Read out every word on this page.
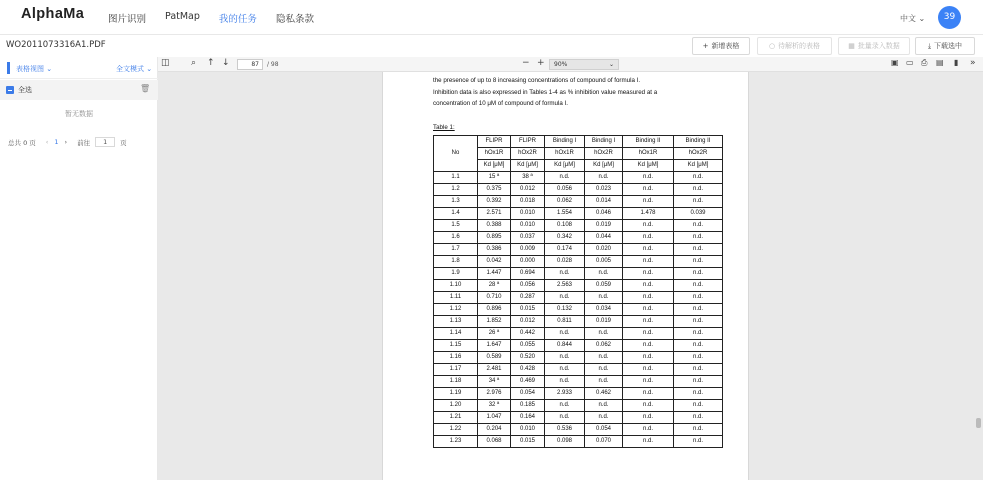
AlphaMa	图片识别 PatMap 我的任务 隐私条款	中文 ⌄	39
WO2011073316A1.PDF	+ 新增表格	○ 待解析的表格	▦ 批量录入数据	⤓ 下载选中
表格视图 ⌄	全文模式 ⌄
全选	🗑
暂无数据
总共 0 页 ‹ 1 › 前往	1	页
◫ ⌕ ↑ ↓	87	/ 98	− +	90%	⌄	▣ ▭ ⎙ ▤ ▮ »
the presence of up to 8 increasing concentrations of compound of formula I.
Inhibition data is also expressed in Tables 1-4 as % inhibition value measured at a
concentration of 10 μM of compound of formula I.
Table 1:
No	FLIPR	FLIPR	Binding I	Binding I	Binding II	Binding II
	hOx1R	hOx2R	hOx1R	hOx2R	hOx1R	hOx2R
	Kd [μM]	Kd [μM]	Kd [μM]	Kd [μM]	Kd [μM]	Kd [μM]
1.1	15 ª	38 ª	n.d.	n.d.	n.d.	n.d.
1.2	0.375	0.012	0.056	0.023	n.d.	n.d.
1.3	0.392	0.018	0.062	0.014	n.d.	n.d.
1.4	2.571	0.010	1.554	0.046	1.478	0.039
1.5	0.388	0.010	0.108	0.019	n.d.	n.d.
1.6	0.895	0.037	0.342	0.044	n.d.	n.d.
1.7	0.386	0.009	0.174	0.020	n.d.	n.d.
1.8	0.042	0.000	0.028	0.005	n.d.	n.d.
1.9	1.447	0.694	n.d.	n.d.	n.d.	n.d.
1.10	28 ª	0.056	2.563	0.059	n.d.	n.d.
1.11	0.710	0.287	n.d.	n.d.	n.d.	n.d.
1.12	0.896	0.015	0.132	0.034	n.d.	n.d.
1.13	1.852	0.012	0.811	0.019	n.d.	n.d.
1.14	26 ª	0.442	n.d.	n.d.	n.d.	n.d.
1.15	1.647	0.055	0.844	0.062	n.d.	n.d.
1.16	0.589	0.520	n.d.	n.d.	n.d.	n.d.
1.17	2.481	0.428	n.d.	n.d.	n.d.	n.d.
1.18	34 ª	0.469	n.d.	n.d.	n.d.	n.d.
1.19	2.976	0.054	2.933	0.462	n.d.	n.d.
1.20	32 ª	0.185	n.d.	n.d.	n.d.	n.d.
1.21	1.047	0.164	n.d.	n.d.	n.d.	n.d.
1.22	0.204	0.010	0.536	0.054	n.d.	n.d.
1.23	0.068	0.015	0.098	0.070	n.d.	n.d.
